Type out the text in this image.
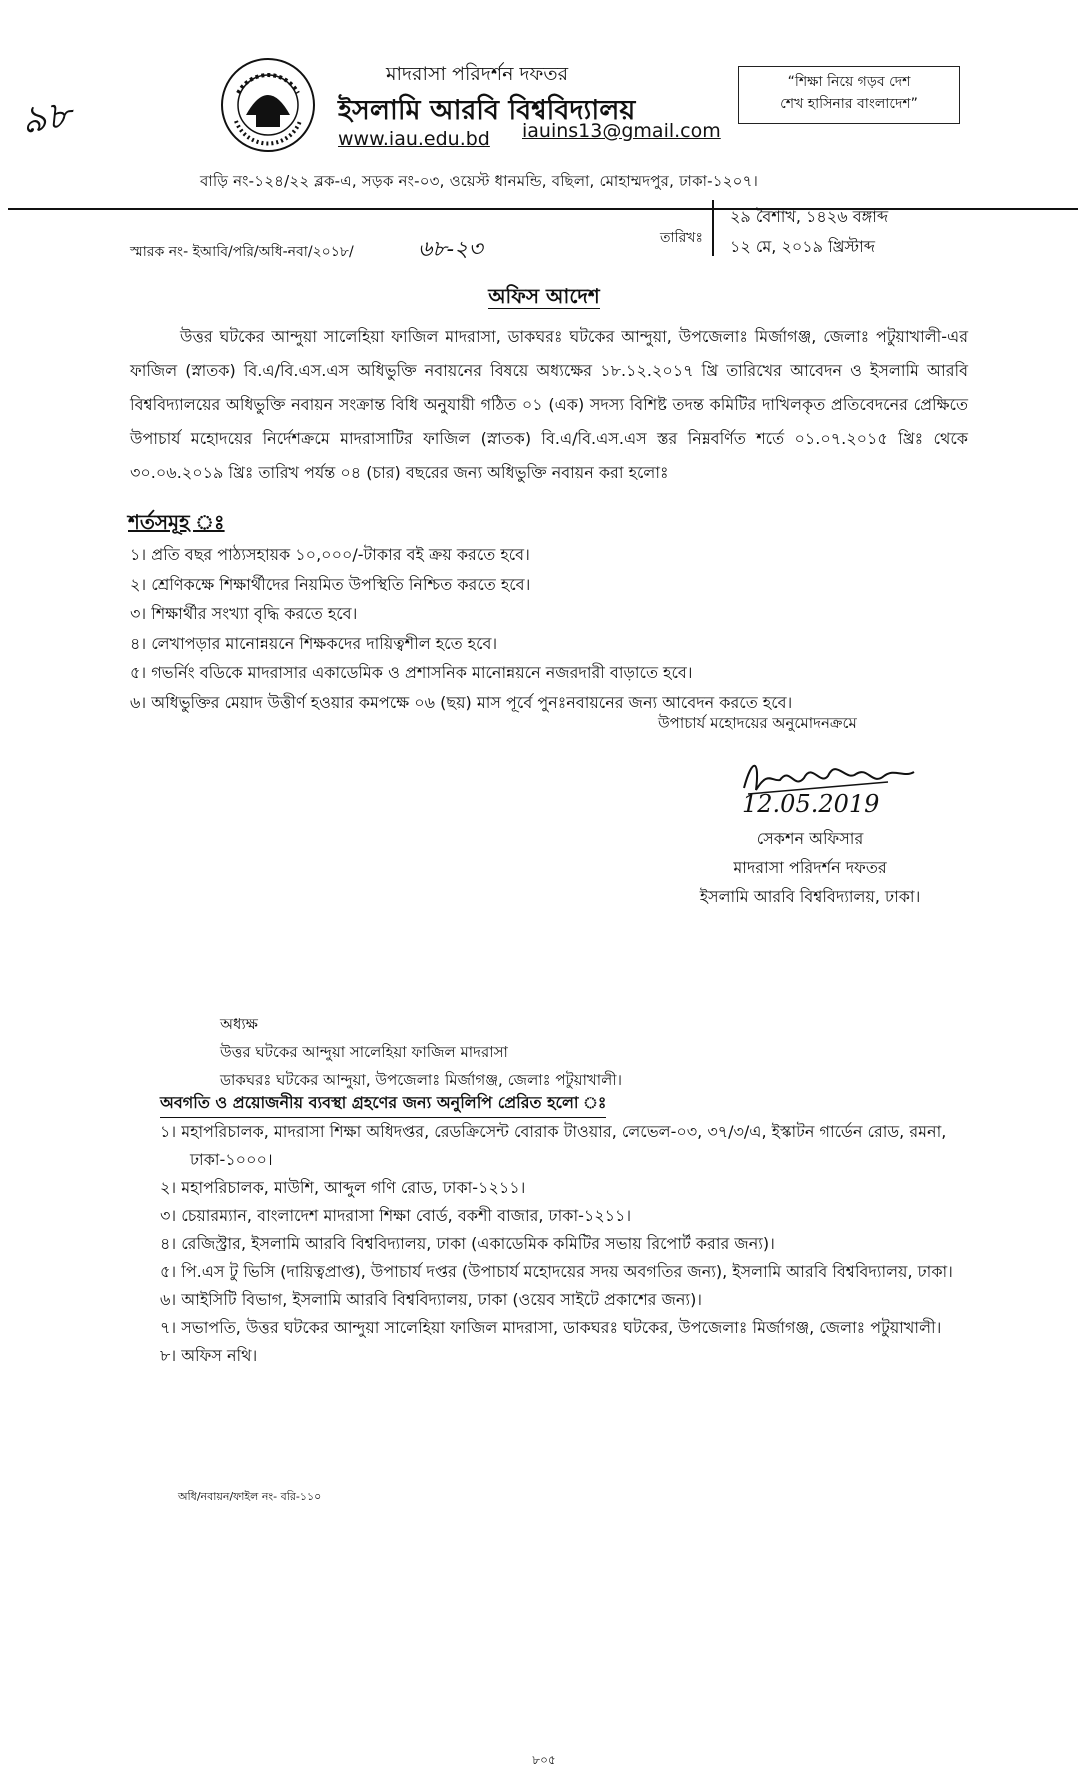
৯৮
মাদরাসা পরিদর্শন দফতর
ইসলামি আরবি বিশ্ববিদ্যালয়
www.iau.edu.bd iauins13@gmail.com
“শিক্ষা নিয়ে গড়ব দেশ
শেখ হাসিনার বাংলাদেশ”
বাড়ি নং-১২৪/২২ ব্লক-এ, সড়ক নং-০৩, ওয়েস্ট ধানমন্ডি, বছিলা, মোহাম্মদপুর, ঢাকা-১২০৭।
স্মারক নং- ইআবি/পরি/অধি-নবা/২০১৮/	৬৮-২৩	তারিখঃ
২৯ বৈশাখ, ১৪২৬ বঙ্গাব্দ
১২ মে, ২০১৯ খ্রিস্টাব্দ
অফিস আদেশ
উত্তর ঘটকের আন্দুয়া সালেহিয়া ফাজিল মাদরাসা, ডাকঘরঃ ঘটকের আন্দুয়া, উপজেলাঃ মির্জাগঞ্জ, জেলাঃ পটুয়াখালী-এর ফাজিল (স্নাতক) বি.এ/বি.এস.এস অধিভুক্তি নবায়নের বিষয়ে অধ্যক্ষের ১৮.১২.২০১৭ খ্রি তারিখের আবেদন ও ইসলামি আরবি বিশ্ববিদ্যালয়ের অধিভুক্তি নবায়ন সংক্রান্ত বিধি অনুযায়ী গঠিত ০১ (এক) সদস্য বিশিষ্ট তদন্ত কমিটির দাখিলকৃত প্রতিবেদনের প্রেক্ষিতে উপাচার্য মহোদয়ের নির্দেশক্রমে মাদরাসাটির ফাজিল (স্নাতক) বি.এ/বি.এস.এস স্তর নিম্নবর্ণিত শর্তে ০১.০৭.২০১৫ খ্রিঃ থেকে ৩০.০৬.২০১৯ খ্রিঃ তারিখ পর্যন্ত ০৪ (চার) বছরের জন্য অধিভুক্তি নবায়ন করা হলোঃ
শর্তসমূহ ঃ
১। প্রতি বছর পাঠ্যসহায়ক ১০,০০০/-টাকার বই ক্রয় করতে হবে।
২। শ্রেণিকক্ষে শিক্ষার্থীদের নিয়মিত উপস্থিতি নিশ্চিত করতে হবে।
৩। শিক্ষার্থীর সংখ্যা বৃদ্ধি করতে হবে।
৪। লেখাপড়ার মানোন্নয়নে শিক্ষকদের দায়িত্বশীল হতে হবে।
৫। গভর্নিং বডিকে মাদরাসার একাডেমিক ও প্রশাসনিক মানোন্নয়নে নজরদারী বাড়াতে হবে।
৬। অধিভুক্তির মেয়াদ উত্তীর্ণ হওয়ার কমপক্ষে ০৬ (ছয়) মাস পূর্বে পুনঃনবায়নের জন্য আবেদন করতে হবে।
উপাচার্য মহোদয়ের অনুমোদনক্রমে
12.05.2019
সেকশন অফিসার
মাদরাসা পরিদর্শন দফতর
ইসলামি আরবি বিশ্ববিদ্যালয়, ঢাকা।
অধ্যক্ষ
উত্তর ঘটকের আন্দুয়া সালেহিয়া ফাজিল মাদরাসা
ডাকঘরঃ ঘটকের আন্দুয়া, উপজেলাঃ মির্জাগঞ্জ, জেলাঃ পটুয়াখালী।
অবগতি ও প্রয়োজনীয় ব্যবস্থা গ্রহণের জন্য অনুলিপি প্রেরিত হলো ঃ
১। মহাপরিচালক, মাদরাসা শিক্ষা অধিদপ্তর, রেডক্রিসেন্ট বোরাক টাওয়ার, লেভেল-০৩, ৩৭/৩/এ, ইস্কাটন গার্ডেন রোড, রমনা, ঢাকা-১০০০।
২। মহাপরিচালক, মাউশি, আব্দুল গণি রোড, ঢাকা-১২১১।
৩। চেয়ারম্যান, বাংলাদেশ মাদরাসা শিক্ষা বোর্ড, বকশী বাজার, ঢাকা-১২১১।
৪। রেজিস্ট্রার, ইসলামি আরবি বিশ্ববিদ্যালয়, ঢাকা (একাডেমিক কমিটির সভায় রিপোর্ট করার জন্য)।
৫। পি.এস টু ভিসি (দায়িত্বপ্রাপ্ত), উপাচার্য দপ্তর (উপাচার্য মহোদয়ের সদয় অবগতির জন্য), ইসলামি আরবি বিশ্ববিদ্যালয়, ঢাকা।
৬। আইসিটি বিভাগ, ইসলামি আরবি বিশ্ববিদ্যালয়, ঢাকা (ওয়েব সাইটে প্রকাশের জন্য)।
৭। সভাপতি, উত্তর ঘটকের আন্দুয়া সালেহিয়া ফাজিল মাদরাসা, ডাকঘরঃ ঘটকের, উপজেলাঃ মির্জাগঞ্জ, জেলাঃ পটুয়াখালী।
৮। অফিস নথি।
অধি/নবায়ন/ফাইল নং- বরি-১১০
৮০৫
